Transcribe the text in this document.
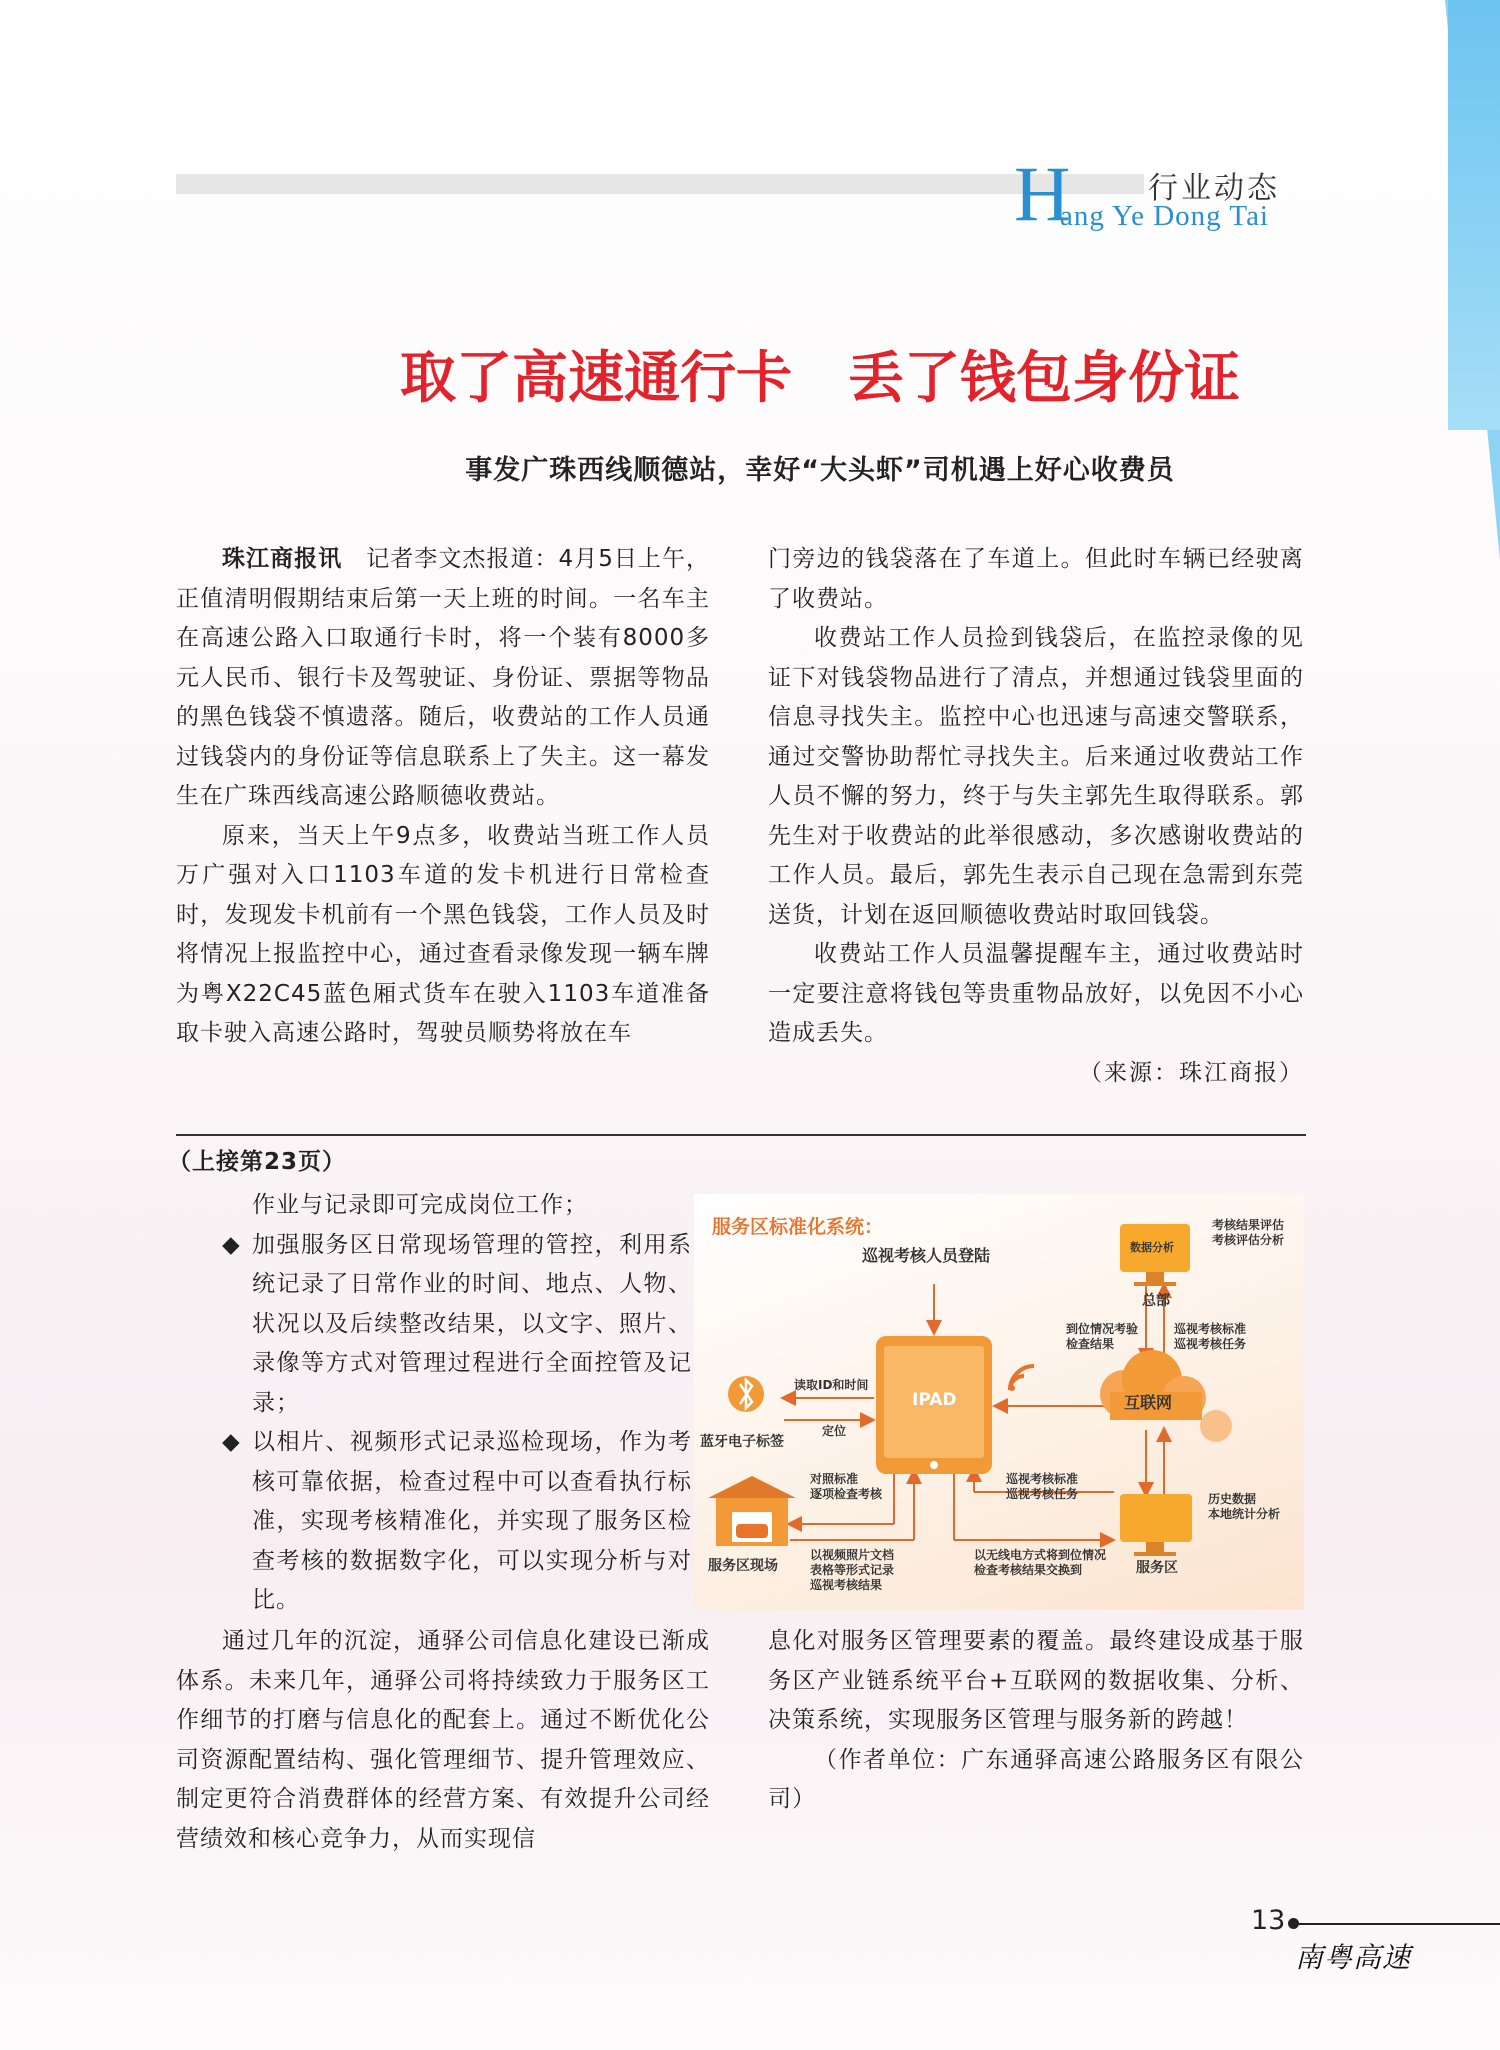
H	行业动态
ang Ye Dong Tai
取了高速通行卡　丢了钱包身份证
事发广珠西线顺德站，幸好“大头虾”司机遇上好心收费员

珠江商报讯　记者李文杰报道：4月5日上午，正值清明假期结束后第一天上班的时间。一名车主在高速公路入口取通行卡时，将一个装有8000多元人民币、银行卡及驾驶证、身份证、票据等物品的黑色钱袋不慎遗落。随后，收费站的工作人员通过钱袋内的身份证等信息联系上了失主。这一幕发生在广珠西线高速公路顺德收费站。

原来，当天上午9点多，收费站当班工作人员万广强对入口1103车道的发卡机进行日常检查时，发现发卡机前有一个黑色钱袋，工作人员及时将情况上报监控中心，通过查看录像发现一辆车牌为粤X22C45蓝色厢式货车在驶入1103车道准备取卡驶入高速公路时，驾驶员顺势将放在车

门旁边的钱袋落在了车道上。但此时车辆已经驶离了收费站。

收费站工作人员捡到钱袋后，在监控录像的见证下对钱袋物品进行了清点，并想通过钱袋里面的信息寻找失主。监控中心也迅速与高速交警联系，通过交警协助帮忙寻找失主。后来通过收费站工作人员不懈的努力，终于与失主郭先生取得联系。郭先生对于收费站的此举很感动，多次感谢收费站的工作人员。最后，郭先生表示自己现在急需到东莞送货，计划在返回顺德收费站时取回钱袋。

收费站工作人员温馨提醒车主，通过收费站时一定要注意将钱包等贵重物品放好，以免因不小心造成丢失。

（来源：珠江商报）
（上接第23页）
作业与记录即可完成岗位工作；
◆ 加强服务区日常现场管理的管控，利用系统记录了日常作业的时间、地点、人物、状况以及后续整改结果，以文字、照片、录像等方式对管理过程进行全面控管及记录；
◆ 以相片、视频形式记录巡检现场，作为考核可靠依据，检查过程中可以查看执行标准，实现考核精准化，并实现了服务区检查考核的数据数字化，可以实现分析与对比。
服务区标准化系统：
巡视考核人员登陆
IPAD	互联网
数据分析
总部
考核结果评估
考核评估分析
到位情况考验
检查结果
巡视考核标准
巡视考核任务
读取ID和时间
定位
蓝牙电子标签
对照标准
逐项检查考核
巡视考核标准
巡视考核任务	历史数据
本地统计分析
以视频照片文档
表格等形式记录
巡视考核结果
以无线电方式将到位情况
检查考核结果交换到
服务区现场	服务区

通过几年的沉淀，通驿公司信息化建设已渐成体系。未来几年，通驿公司将持续致力于服务区工作细节的打磨与信息化的配套上。通过不断优化公司资源配置结构、强化管理细节、提升管理效应、制定更符合消费群体的经营方案、有效提升公司经营绩效和核心竞争力，从而实现信

息化对服务区管理要素的覆盖。最终建设成基于服务区产业链系统平台+互联网的数据收集、分析、决策系统，实现服务区管理与服务新的跨越！

（作者单位：广东通驿高速公路服务区有限公司）

13
南粤高速
